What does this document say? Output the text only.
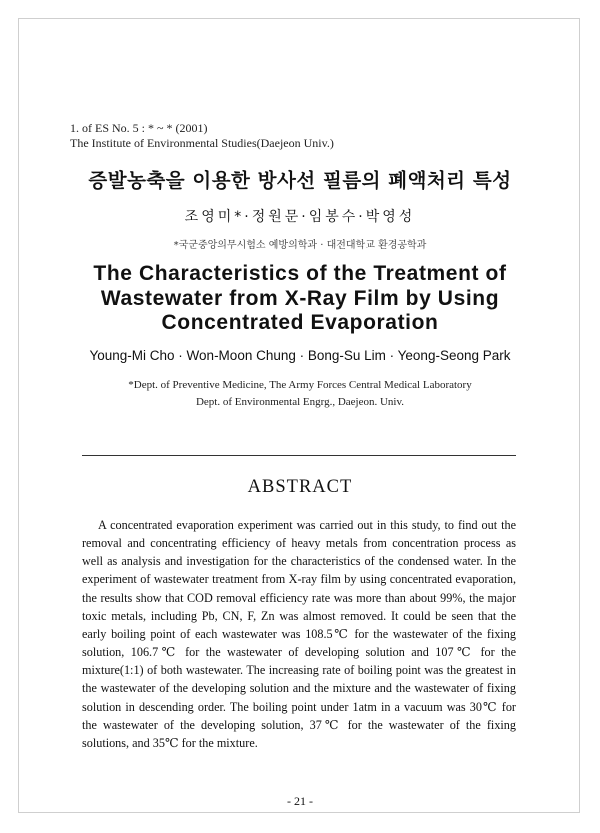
1. of ES No. 5 : * ~ * (2001)
The Institute of Environmental Studies(Daejeon Univ.)
증발농축을 이용한 방사선 필름의 폐액처리 특성
조영미*·정원문·임봉수·박영성
*국군중앙의무시험소 예방의학과 · 대전대학교 환경공학과
The Characteristics of the Treatment of
Wastewater from X-Ray Film by Using
Concentrated Evaporation
Young-Mi Cho · Won-Moon Chung · Bong-Su Lim · Yeong-Seong Park
*Dept. of Preventive Medicine, The Army Forces Central Medical Laboratory
Dept. of Environmental Engrg., Daejeon. Univ.
ABSTRACT
A concentrated evaporation experiment was carried out in this study, to find out the removal and concentrating efficiency of heavy metals from concentration process as well as analysis and investigation for the characteristics of the condensed water. In the experiment of wastewater treatment from X-ray film by using concentrated evaporation, the results show that COD removal efficiency rate was more than about 99%, the major toxic metals, including Pb, CN, F, Zn was almost removed. It could be seen that the early boiling point of each wastewater was 108.5℃ for the wastewater of the fixing solution, 106.7℃ for the wastewater of developing solution and 107℃ for the mixture(1:1) of both wastewater. The increasing rate of boiling point was the greatest in the wastewater of the developing solution and the mixture and the wastewater of fixing solution in descending order. The boiling point under 1atm in a vacuum was 30℃ for the wastewater of the developing solution, 37℃ for the wastewater of the fixing solutions, and 35℃ for the mixture.
- 21 -
